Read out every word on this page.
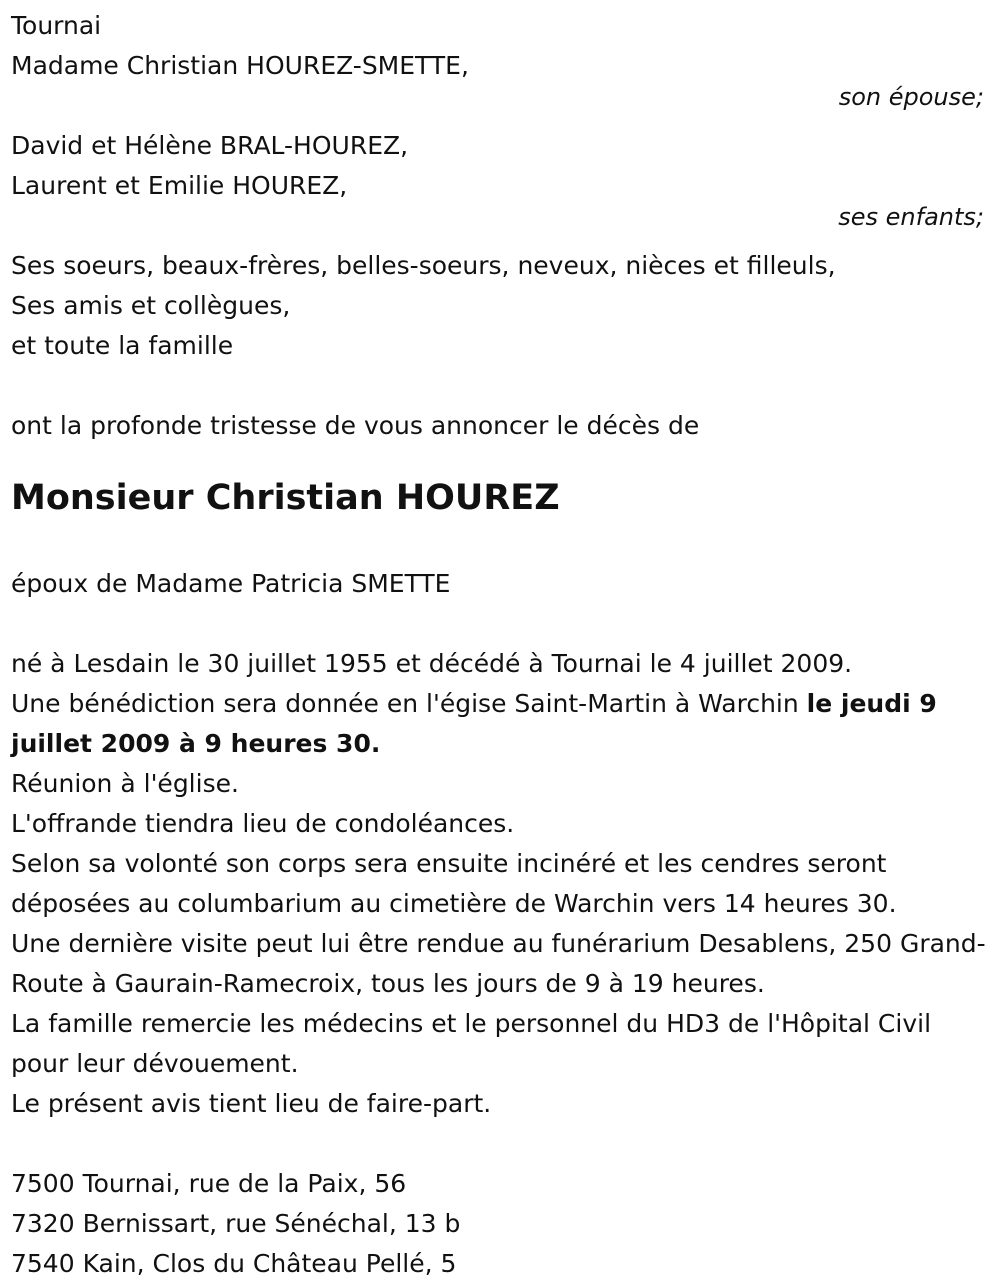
Tournai
Madame Christian HOUREZ-SMETTE,
son épouse;
David et Hélène BRAL-HOUREZ,
Laurent et Emilie HOUREZ,
ses enfants;
Ses soeurs, beaux-frères, belles-soeurs, neveux, nièces et filleuls,
Ses amis et collègues,
et toute la famille
ont la profonde tristesse de vous annoncer le décès de
Monsieur Christian HOUREZ
époux de Madame Patricia SMETTE
né à Lesdain le 30 juillet 1955 et décédé à Tournai le 4 juillet 2009.
Une bénédiction sera donnée en l'égise Saint-Martin à Warchin le jeudi 9 juillet 2009 à 9 heures 30.
Réunion à l'église.
L'offrande tiendra lieu de condoléances.
Selon sa volonté son corps sera ensuite incinéré et les cendres seront déposées au columbarium au cimetière de Warchin vers 14 heures 30.
Une dernière visite peut lui être rendue au funérarium Desablens, 250 Grand-Route à Gaurain-Ramecroix, tous les jours de 9 à 19 heures.
La famille remercie les médecins et le personnel du HD3 de l'Hôpital Civil pour leur dévouement.
Le présent avis tient lieu de faire-part.
7500 Tournai, rue de la Paix, 56
7320 Bernissart, rue Sénéchal, 13 b
7540 Kain, Clos du Château Pellé, 5
